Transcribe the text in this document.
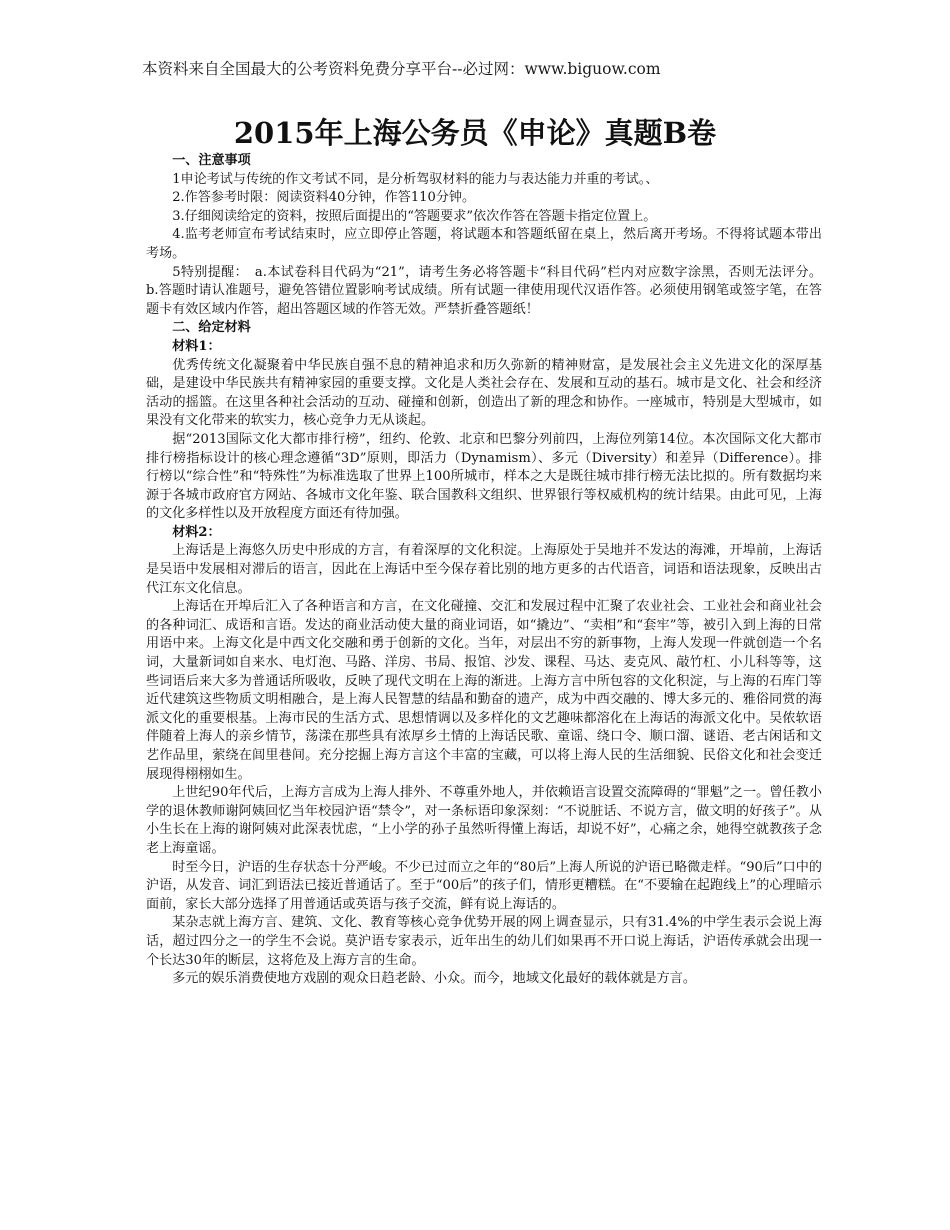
本资料来自全国最大的公考资料免费分享平台--必过网：www.biguow.com
2015年上海公务员《申论》真题B卷

一、注意事项

1申论考试与传统的作文考试不同，是分析驾驭材料的能力与表达能力并重的考试。、

2.作答参考时限：阅读资料40分钟，作答110分钟。

3.仔细阅读给定的资料，按照后面提出的“答题要求”依次作答在答题卡指定位置上。

4.监考老师宣布考试结束时，应立即停止答题，将试题本和答题纸留在桌上，然后离开考场。不得将试题本带出考场。

5特别提醒：　a.本试卷科目代码为“21”，请考生务必将答题卡“科目代码”栏内对应数字涂黑，否则无法评分。 b.答题时请认准题号，避免答错位置影响考试成绩。所有试题一律使用现代汉语作答。必须使用钢笔或签字笔，在答题卡有效区域内作答，超出答题区域的作答无效。严禁折叠答题纸！

二、给定材料

材料1：

优秀传统文化凝聚着中华民族自强不息的精神追求和历久弥新的精神财富，是发展社会主义先进文化的深厚基础，是建设中华民族共有精神家园的重要支撑。文化是人类社会存在、发展和互动的基石。城市是文化、社会和经济活动的摇篮。在这里各种社会活动的互动、碰撞和创新，创造出了新的理念和协作。一座城市，特别是大型城市，如果没有文化带来的软实力，核心竞争力无从谈起。

据“2013国际文化大都市排行榜”，纽约、伦敦、北京和巴黎分列前四，上海位列第14位。本次国际文化大都市排行榜指标设计的核心理念遵循“3D”原则，即活力（Dynamism）、多元（Diversity）和差异（Difference）。排行榜以“综合性”和“特殊性”为标准选取了世界上100所城市，样本之大是既往城市排行榜无法比拟的。所有数据均来源于各城市政府官方网站、各城市文化年鉴、联合国教科文组织、世界银行等权威机构的统计结果。由此可见，上海的文化多样性以及开放程度方面还有待加强。

材料2：

上海话是上海悠久历史中形成的方言，有着深厚的文化积淀。上海原处于吴地并不发达的海滩，开埠前，上海话是吴语中发展相对滞后的语言，因此在上海话中至今保存着比别的地方更多的古代语音，词语和语法现象，反映出古代江东文化信息。

上海话在开埠后汇入了各种语言和方言，在文化碰撞、交汇和发展过程中汇聚了农业社会、工业社会和商业社会的各种词汇、成语和言语。发达的商业活动使大量的商业词语，如“撬边”、“卖相”和“套牢”等，被引入到上海的日常用语中来。上海文化是中西文化交融和勇于创新的文化。当年，对层出不穷的新事物，上海人发现一件就创造一个名词，大量新词如自来水、电灯泡、马路、洋房、书局、报馆、沙发、课程、马达、麦克风、敲竹杠、小儿科等等，这些词语后来大多为普通话所吸收，反映了现代文明在上海的渐进。上海方言中所包容的文化积淀，与上海的石库门等近代建筑这些物质文明相融合，是上海人民智慧的结晶和勤奋的遗产，成为中西交融的、博大多元的、雅俗同赏的海派文化的重要根基。上海市民的生活方式、思想情调以及多样化的文艺趣味都溶化在上海话的海派文化中。吴侬软语伴随着上海人的亲乡情节，荡漾在那些具有浓厚乡土情的上海话民歌、童谣、绕口令、顺口溜、谜语、老古闲话和文艺作品里，萦绕在闾里巷间。充分挖掘上海方言这个丰富的宝藏，可以将上海人民的生活细貌、民俗文化和社会变迁展现得栩栩如生。

上世纪90年代后，上海方言成为上海人排外、不尊重外地人，并依赖语言设置交流障碍的“罪魁”之一。曾任教小学的退休教师谢阿姨回忆当年校园沪语“禁令”，对一条标语印象深刻：“不说脏话、不说方言，做文明的好孩子”。从小生长在上海的谢阿姨对此深表忧虑，“上小学的孙子虽然听得懂上海话，却说不好”，心痛之余，她得空就教孩子念老上海童谣。

时至今日，沪语的生存状态十分严峻。不少已过而立之年的“80后”上海人所说的沪语已略微走样。“90后”口中的沪语，从发音、词汇到语法已接近普通话了。至于“00后”的孩子们，情形更糟糕。在“不要输在起跑线上”的心理暗示面前，家长大部分选择了用普通话或英语与孩子交流，鲜有说上海话的。

某杂志就上海方言、建筑、文化、教育等核心竞争优势开展的网上调查显示，只有31.4%的中学生表示会说上海话，超过四分之一的学生不会说。莫沪语专家表示，近年出生的幼儿们如果再不开口说上海话，沪语传承就会出现一个长达30年的断层，这将危及上海方言的生命。

多元的娱乐消费使地方戏剧的观众日趋老龄、小众。而今，地域文化最好的载体就是方言。
